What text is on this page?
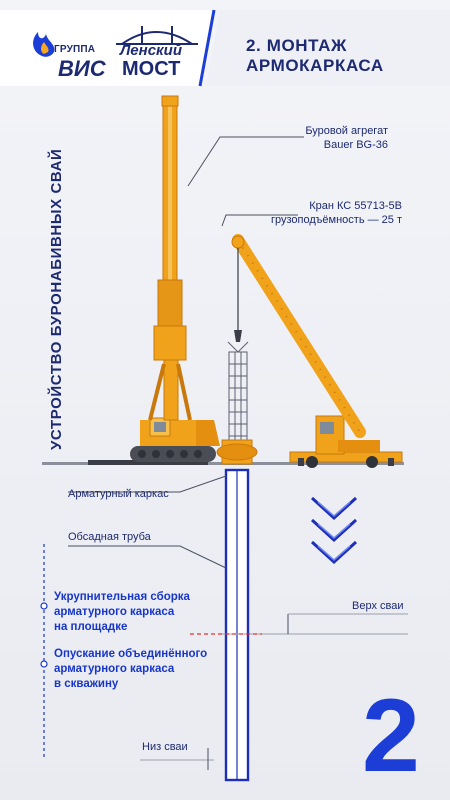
ГРУППА
ВИС
Ленский
МОСТ
2. МОНТАЖ
АРМОКАРКАСА
УСТРОЙСТВО БУРОНАБИВНЫХ СВАЙ
Буровой агрегат
Bauer BG-36
Кран КС 55713-5В
грузоподъёмность — 25 т
Арматурный каркас
Обсадная труба
Верх сваи
Низ сваи
Укрупнительная сборка
арматурного каркаса
на площадке
Опускание объединённого
арматурного каркаса
в скважину	2
